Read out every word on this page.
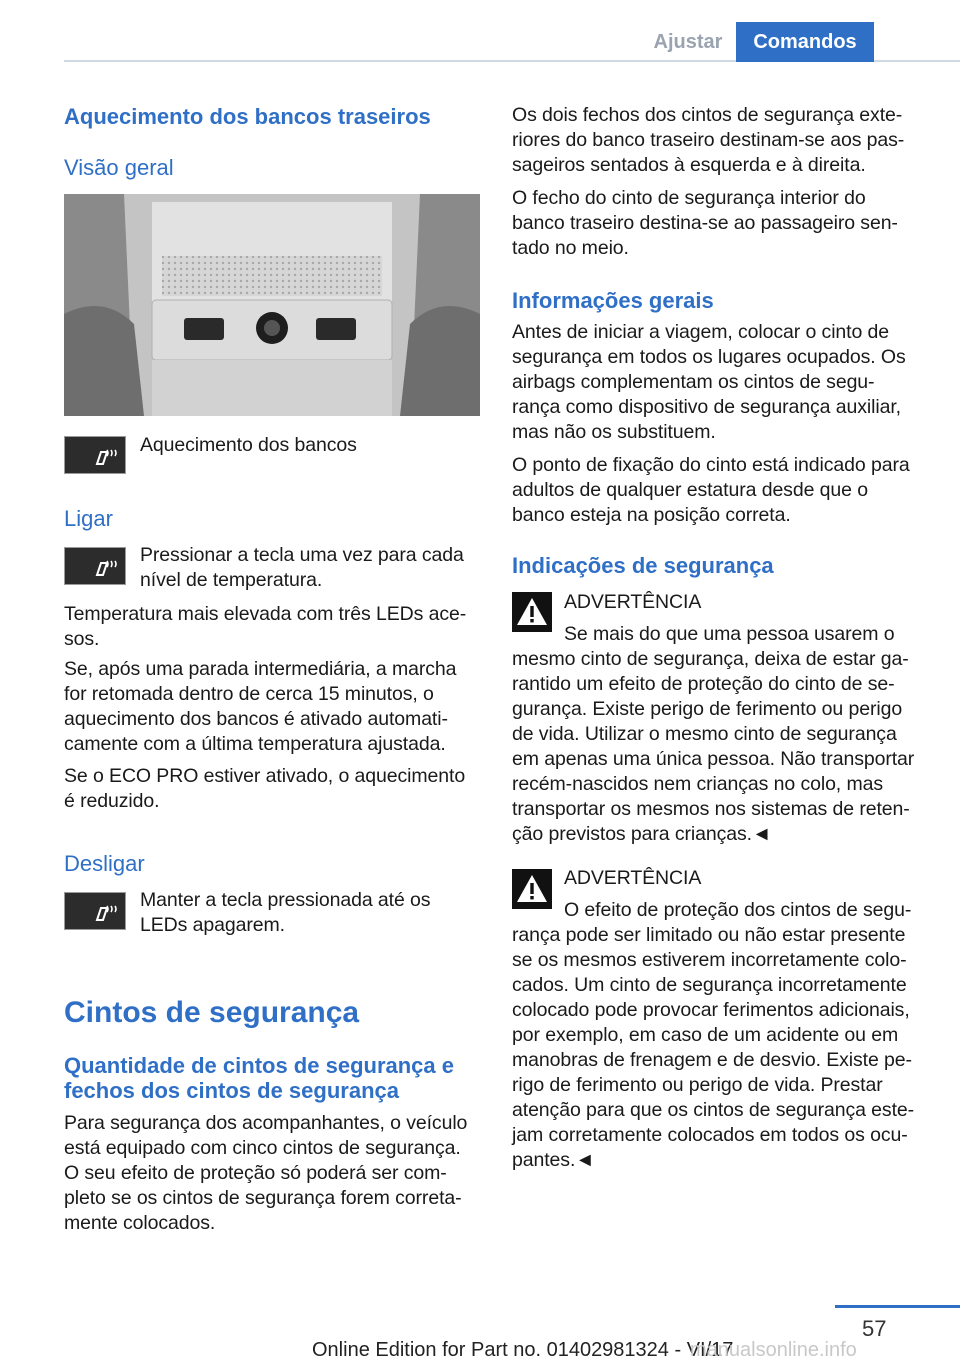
Ajustar	Comandos
Aquecimento dos bancos traseiros
Visão geral
Aquecimento dos bancos
Ligar
Pressionar a tecla uma vez para cada
nível de temperatura.
Temperatura mais elevada com três LEDs ace‐
sos.
Se, após uma parada intermediária, a marcha
for retomada dentro de cerca 15 minutos, o
aquecimento dos bancos é ativado automati‐
camente com a última temperatura ajustada.
Se o ECO PRO estiver ativado, o aquecimento
é reduzido.
Desligar
Manter a tecla pressionada até os
LEDs apagarem.
Cintos de segurança
Quantidade de cintos de segurança e
fechos dos cintos de segurança
Para segurança dos acompanhantes, o veículo
está equipado com cinco cintos de segurança.
O seu efeito de proteção só poderá ser com‐
pleto se os cintos de segurança forem correta‐
mente colocados.
Os dois fechos dos cintos de segurança exte‐
riores do banco traseiro destinam-se aos pas‐
sageiros sentados à esquerda e à direita.
O fecho do cinto de segurança interior do
banco traseiro destina-se ao passageiro sen‐
tado no meio.
Informações gerais
Antes de iniciar a viagem, colocar o cinto de
segurança em todos os lugares ocupados. Os
airbags complementam os cintos de segu‐
rança como dispositivo de segurança auxiliar,
mas não os substituem.
O ponto de fixação do cinto está indicado para
adultos de qualquer estatura desde que o
banco esteja na posição correta.
Indicações de segurança
ADVERTÊNCIA
Se mais do que uma pessoa usarem o
mesmo cinto de segurança, deixa de estar ga‐
rantido um efeito de proteção do cinto de se‐
gurança. Existe perigo de ferimento ou perigo
de vida. Utilizar o mesmo cinto de segurança
em apenas uma única pessoa. Não transportar
recém-nascidos nem crianças no colo, mas
transportar os mesmos nos sistemas de reten‐
ção previstos para crianças.◄
ADVERTÊNCIA
O efeito de proteção dos cintos de segu‐
rança pode ser limitado ou não estar presente
se os mesmos estiverem incorretamente colo‐
cados. Um cinto de segurança incorretamente
colocado pode provocar ferimentos adicionais,
por exemplo, em caso de um acidente ou em
manobras de frenagem e de desvio. Existe pe‐
rigo de ferimento ou perigo de vida. Prestar
atenção para que os cintos de segurança este‐
jam corretamente colocados em todos os ocu‐
pantes.◄
57
Online Edition for Part no. 01402981324 - VI/17
manualsonline.info
